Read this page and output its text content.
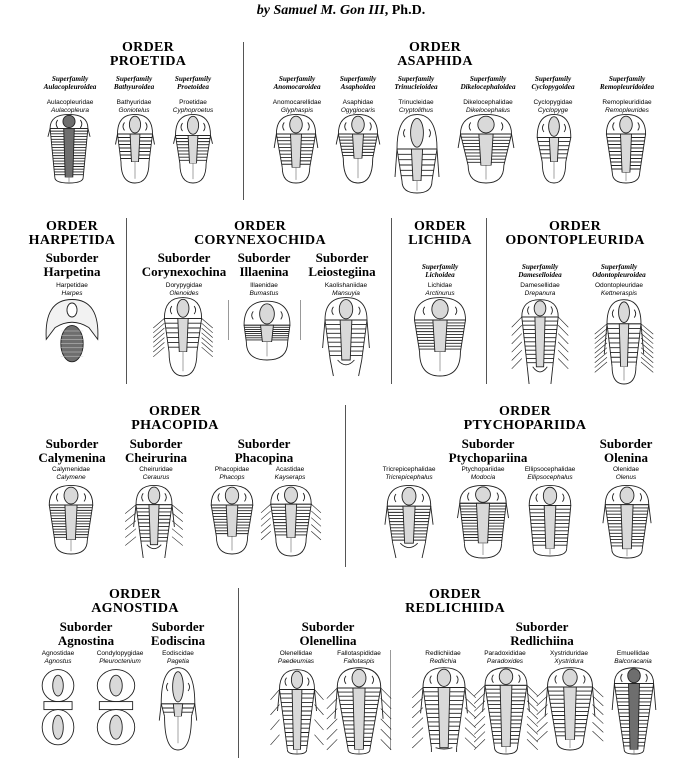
by Samuel M. Gon III, Ph.D.
ORDER
PROETIDA
ORDER
ASAPHIDA
Superfamily
Aulacopleuroidea
Superfamily
Bathyuroidea
Superfamily
Proetoidea
Superfamily
Anomocaroidea
Superfamily
Asaphoidea
Superfamily
Trinucleioidea
Superfamily
Dikelocephaloidea
Superfamily
Cyclopygoidea
Superfamily
Remopleuridoidea
Aulacopleuridae
Aulacopleura
Bathyuridae
Goniotelus
Proetidae
Cyphoproetus
Anomocarellidae
Glyphaspis
Asaphidae
Ogygiocaris
Trinucleidae
Cryptolithus
Dikelocephalidae
Dikelocephalus
Cyclopygidae
Cyclopyge
Remopleurididae
Remopleurides
ORDER
HARPETIDA
ORDER
CORYNEXOCHIDA
ORDER
LICHIDA
ORDER
ODONTOPLEURIDA
Suborder
Harpetina
Suborder
Corynexochina
Suborder
Illaenina
Suborder
Leiostegiina	Superfamily
Lichoidea
Superfamily
Dameselloidea
Superfamily
Odontopleuroidea
Harpetidae
Harpes
Dorypygidae
Olenoides
Illaenidae
Bumastus
Kaolishaniidae
Mansuyia
Lichidae
Arctinurus
Damesellidae
Drepanura
Odontopleuridae
Kettneraspis
ORDER
PHACOPIDA
ORDER
PTYCHOPARIIDA
Suborder
Calymenina
Suborder
Cheirurina
Suborder
Phacopina
Suborder
Ptychopariina
Suborder
Olenina
Calymenidae
Calymene
Cheiruridae
Ceraurus
Phacopidae
Phacops
Acastidae
Kayseraps
Tricrepicephalidae
Tricrepicephalus
Ptychopariidae
Modocia
Ellipsocephalidae
Ellipsocephalus
Olenidae
Olenus
ORDER
AGNOSTIDA
ORDER
REDLICHIIDA
Suborder
Agnostina
Suborder
Eodiscina
Suborder
Olenellina
Suborder
Redlichiina
Agnostidae
Agnostus
Condylopygidae
Pleuroctenium
Eodiscidae
Pagetia
Olenellidae
Paedeumias
Fallotaspididae
Fallotaspis
Redlichiidae
Redlichia
Paradoxididae
Paradoxides
Xystriduridae
Xystridura
Emuellidae
Balcoracania
